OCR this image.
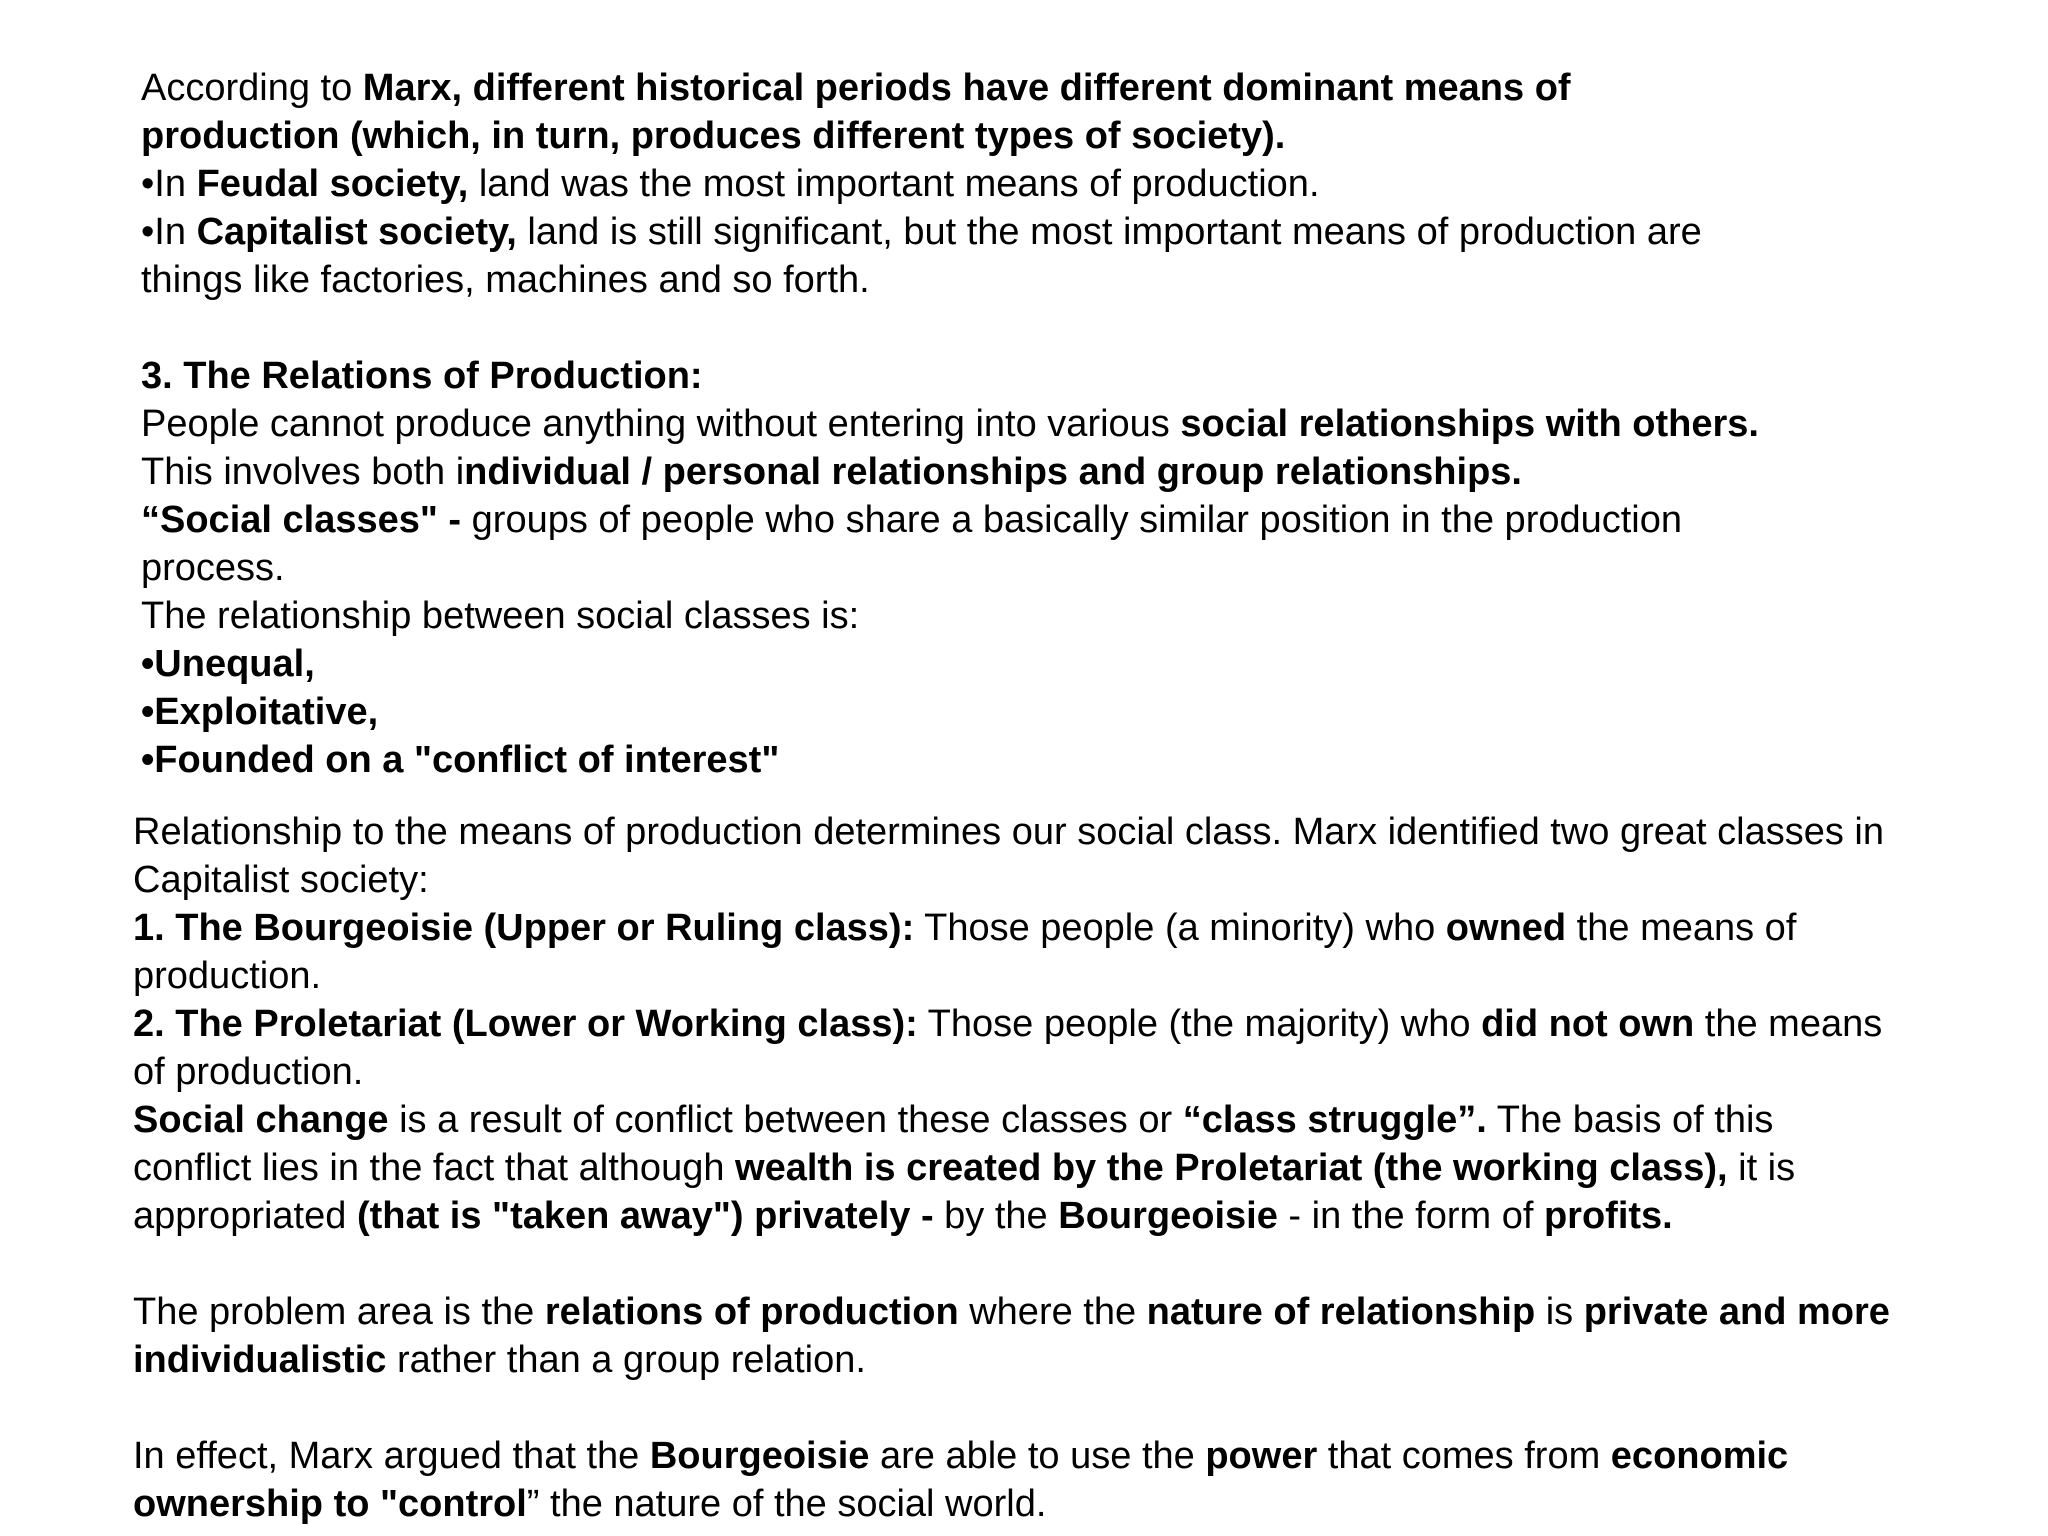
According to Marx, different historical periods have different dominant means of
production (which, in turn, produces different types of society).
•In Feudal society, land was the most important means of production.
•In Capitalist society, land is still significant, but the most important means of production are
things like factories, machines and so forth.
3. The Relations of Production:
People cannot produce anything without entering into various social relationships with others.
This involves both individual / personal relationships and group relationships.
“Social classes" - groups of people who share a basically similar position in the production
process.
The relationship between social classes is:
•Unequal,
•Exploitative,
•Founded on a "conflict of interest"
Relationship to the means of production determines our social class. Marx identified two great classes in
Capitalist society:
1. The Bourgeoisie (Upper or Ruling class): Those people (a minority) who owned the means of
production.
2. The Proletariat (Lower or Working class): Those people (the majority) who did not own the means
of production.
Social change is a result of conflict between these classes or “class struggle”. The basis of this
conflict lies in the fact that although wealth is created by the Proletariat (the working class), it is
appropriated (that is "taken away") privately - by the Bourgeoisie - in the form of profits.
The problem area is the relations of production where the nature of relationship is private and more
individualistic rather than a group relation.
In effect, Marx argued that the Bourgeoisie are able to use the power that comes from economic
ownership to "control” the nature of the social world.
